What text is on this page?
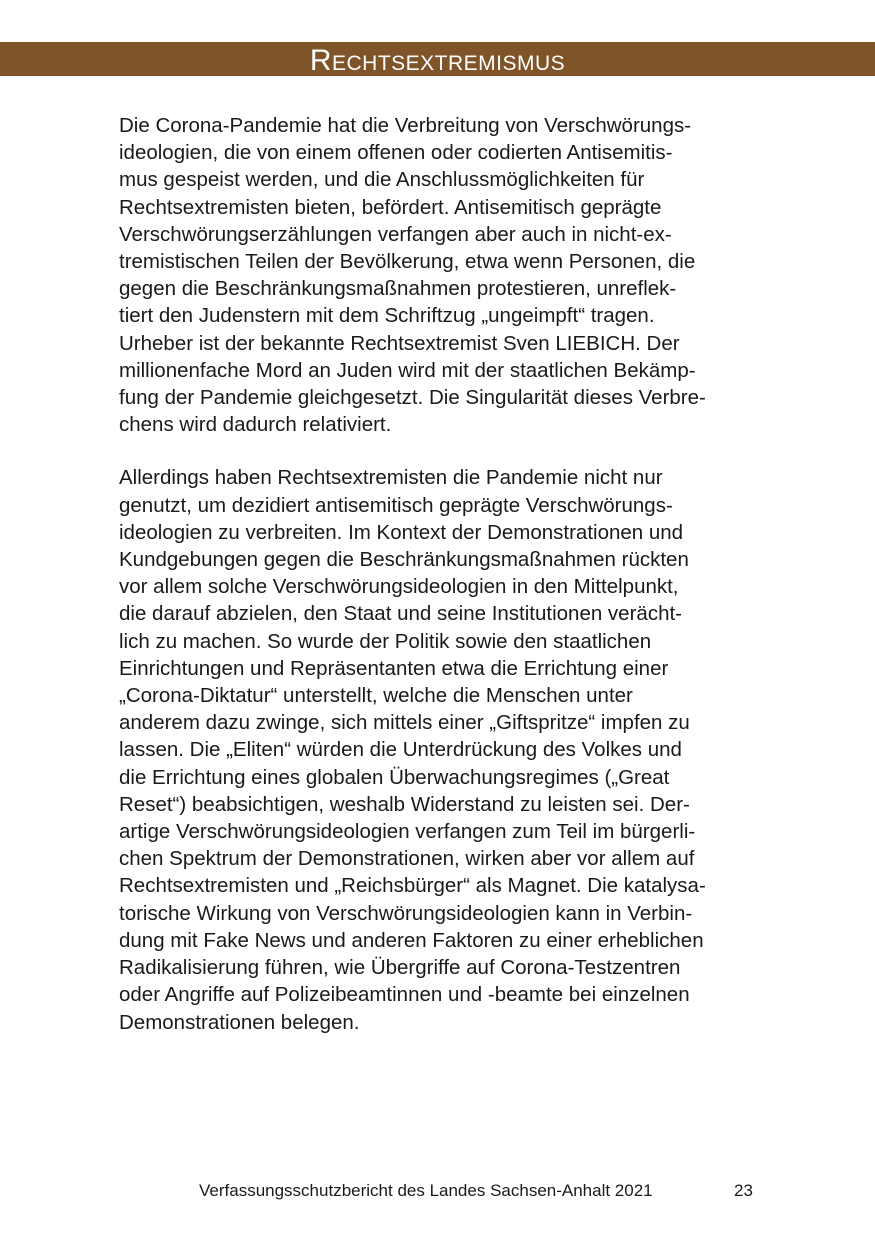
Rechtsextremismus

Die Corona-Pandemie hat die Verbreitung von Verschwörungs-
ideologien, die von einem offenen oder codierten Antisemitis-
mus gespeist werden, und die Anschlussmöglichkeiten für
Rechtsextremisten bieten, befördert. Antisemitisch geprägte
Verschwörungserzählungen verfangen aber auch in nicht-ex-
tremistischen Teilen der Bevölkerung, etwa wenn Personen, die
gegen die Beschränkungsmaßnahmen protestieren, unreflek-
tiert den Judenstern mit dem Schriftzug „ungeimpft“ tragen.
Urheber ist der bekannte Rechtsextremist Sven LIEBICH. Der
millionenfache Mord an Juden wird mit der staatlichen Bekämp-
fung der Pandemie gleichgesetzt. Die Singularität dieses Verbre-
chens wird dadurch relativiert.

Allerdings haben Rechtsextremisten die Pandemie nicht nur
genutzt, um dezidiert antisemitisch geprägte Verschwörungs-
ideologien zu verbreiten. Im Kontext der Demonstrationen und
Kundgebungen gegen die Beschränkungsmaßnahmen rückten
vor allem solche Verschwörungsideologien in den Mittelpunkt,
die darauf abzielen, den Staat und seine Institutionen verächt-
lich zu machen. So wurde der Politik sowie den staatlichen
Einrichtungen und Repräsentanten etwa die Errichtung einer
„Corona-Diktatur“ unterstellt, welche die Menschen unter
anderem dazu zwinge, sich mittels einer „Giftspritze“ impfen zu
lassen. Die „Eliten“ würden die Unterdrückung des Volkes und
die Errichtung eines globalen Überwachungsregimes („Great
Reset“) beabsichtigen, weshalb Widerstand zu leisten sei. Der-
artige Verschwörungsideologien verfangen zum Teil im bürgerli-
chen Spektrum der Demonstrationen, wirken aber vor allem auf
Rechtsextremisten und „Reichsbürger“ als Magnet. Die katalysa-
torische Wirkung von Verschwörungsideologien kann in Verbin-
dung mit Fake News und anderen Faktoren zu einer erheblichen
Radikalisierung führen, wie Übergriffe auf Corona-Testzentren
oder Angriffe auf Polizeibeamtinnen und -beamte bei einzelnen
Demonstrationen belegen.

Verfassungsschutzbericht des Landes Sachsen-Anhalt 2021	23
